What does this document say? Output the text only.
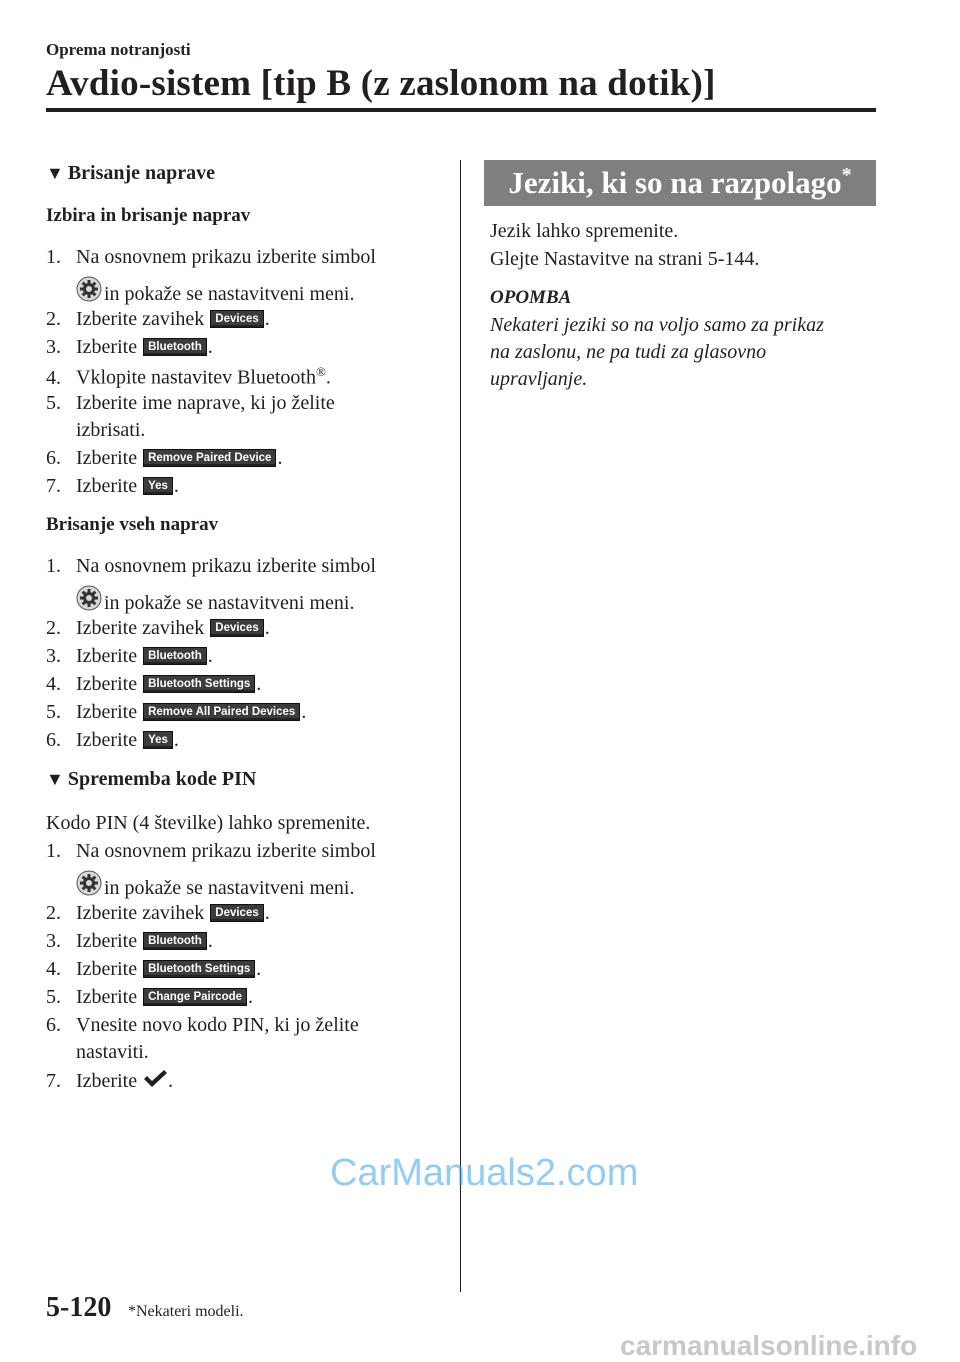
Oprema notranjosti
Avdio-sistem [tip B (z zaslonom na dotik)]
▼ Brisanje naprave
Izbira in brisanje naprav
1. Na osnovnem prikazu izberite simbol
in pokaže se nastavitveni meni.
2. Izberite zavihek Devices .
3. Izberite Bluetooth .
4. Vklopite nastavitev Bluetooth®.
5. Izberite ime naprave, ki jo želite
izbrisati.
6. Izberite Remove Paired Device .
7. Izberite Yes .
Brisanje vseh naprav
1. Na osnovnem prikazu izberite simbol
in pokaže se nastavitveni meni.
2. Izberite zavihek Devices .
3. Izberite Bluetooth .
4. Izberite Bluetooth Settings .
5. Izberite Remove All Paired Devices .
6. Izberite Yes .
▼ Sprememba kode PIN
Kodo PIN (4 številke) lahko spremenite.
1. Na osnovnem prikazu izberite simbol
in pokaže se nastavitveni meni.
2. Izberite zavihek Devices .
3. Izberite Bluetooth .
4. Izberite Bluetooth Settings .
5. Izberite Change Paircode .
6. Vnesite novo kodo PIN, ki jo želite
nastaviti.
7. Izberite .
Jeziki, ki so na razpolago*
Jezik lahko spremenite.
Glejte Nastavitve na strani 5-144.
OPOMBA
Nekateri jeziki so na voljo samo za prikaz
na zaslonu, ne pa tudi za glasovno
upravljanje.
5-120 *Nekateri modeli.
CarManuals2.com
carmanualsonline.info
